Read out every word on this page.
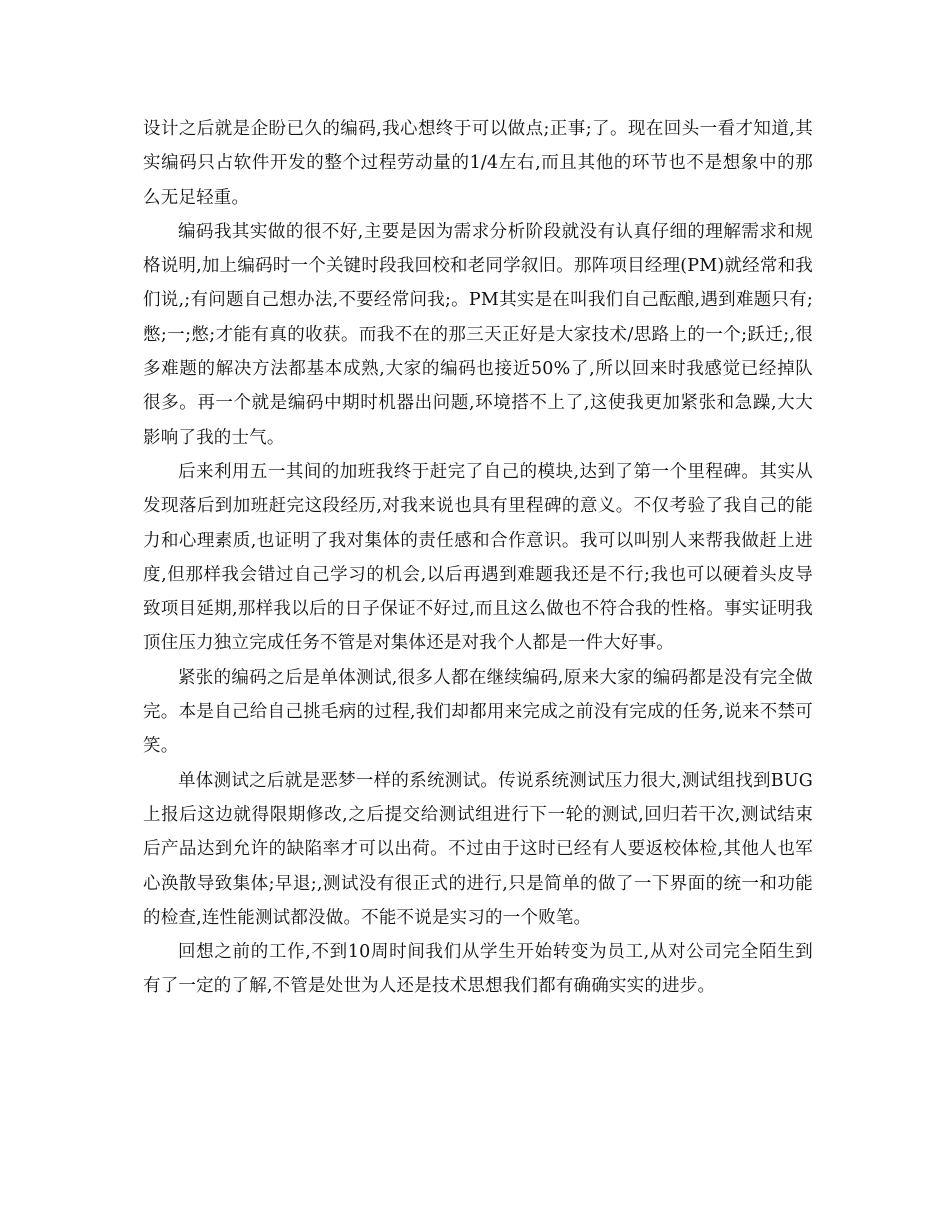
设计之后就是企盼已久的编码,我心想终于可以做点;正事;了。现在回头一看才知道,其实编码只占软件开发的整个过程劳动量的1/4左右,而且其他的环节也不是想象中的那么无足轻重。

编码我其实做的很不好,主要是因为需求分析阶段就没有认真仔细的理解需求和规格说明,加上编码时一个关键时段我回校和老同学叙旧。那阵项目经理(PM)就经常和我们说,;有问题自己想办法,不要经常问我;。PM其实是在叫我们自己酝酿,遇到难题只有;憋;一;憋;才能有真的收获。而我不在的那三天正好是大家技术/思路上的一个;跃迁;,很多难题的解决方法都基本成熟,大家的编码也接近50%了,所以回来时我感觉已经掉队很多。再一个就是编码中期时机器出问题,环境搭不上了,这使我更加紧张和急躁,大大影响了我的士气。

后来利用五一其间的加班我终于赶完了自己的模块,达到了第一个里程碑。其实从发现落后到加班赶完这段经历,对我来说也具有里程碑的意义。不仅考验了我自己的能力和心理素质,也证明了我对集体的责任感和合作意识。我可以叫别人来帮我做赶上进度,但那样我会错过自己学习的机会,以后再遇到难题我还是不行;我也可以硬着头皮导致项目延期,那样我以后的日子保证不好过,而且这么做也不符合我的性格。事实证明我顶住压力独立完成任务不管是对集体还是对我个人都是一件大好事。

紧张的编码之后是单体测试,很多人都在继续编码,原来大家的编码都是没有完全做完。本是自己给自己挑毛病的过程,我们却都用来完成之前没有完成的任务,说来不禁可笑。

单体测试之后就是恶梦一样的系统测试。传说系统测试压力很大,测试组找到BUG上报后这边就得限期修改,之后提交给测试组进行下一轮的测试,回归若干次,测试结束后产品达到允许的缺陷率才可以出荷。不过由于这时已经有人要返校体检,其他人也军心涣散导致集体;早退;,测试没有很正式的进行,只是简单的做了一下界面的统一和功能的检查,连性能测试都没做。不能不说是实习的一个败笔。

回想之前的工作,不到10周时间我们从学生开始转变为员工,从对公司完全陌生到有了一定的了解,不管是处世为人还是技术思想我们都有确确实实的进步。
